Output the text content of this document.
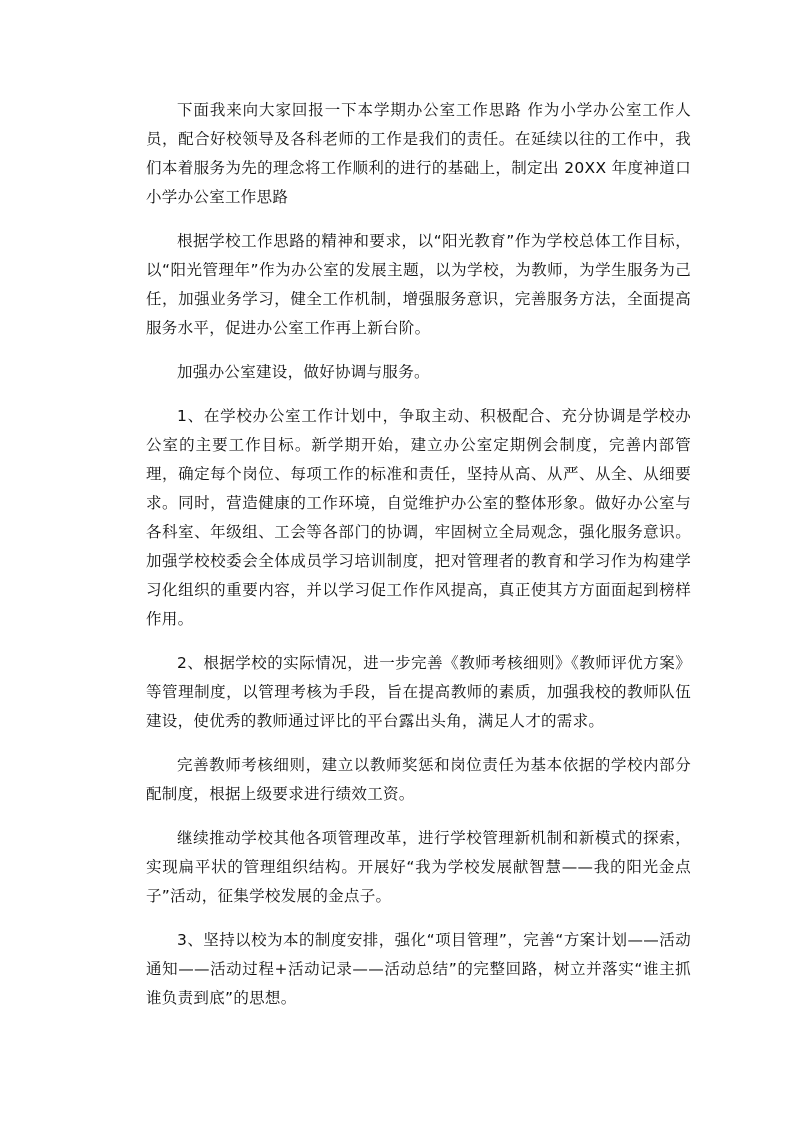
下面我来向大家回报一下本学期办公室工作思路 作为小学办公室工作人员，配合好校领导及各科老师的工作是我们的责任。在延续以往的工作中，我们本着服务为先的理念将工作顺利的进行的基础上，制定出 20XX 年度神道口小学办公室工作思路

根据学校工作思路的精神和要求，以“阳光教育”作为学校总体工作目标，以“阳光管理年”作为办公室的发展主题，以为学校，为教师，为学生服务为己任，加强业务学习，健全工作机制，增强服务意识，完善服务方法，全面提高服务水平，促进办公室工作再上新台阶。

加强办公室建设，做好协调与服务。

1、在学校办公室工作计划中，争取主动、积极配合、充分协调是学校办公室的主要工作目标。新学期开始，建立办公室定期例会制度，完善内部管理，确定每个岗位、每项工作的标准和责任，坚持从高、从严、从全、从细要求。同时，营造健康的工作环境，自觉维护办公室的整体形象。做好办公室与各科室、年级组、工会等各部门的协调，牢固树立全局观念，强化服务意识。加强学校校委会全体成员学习培训制度，把对管理者的教育和学习作为构建学习化组织的重要内容，并以学习促工作作风提高，真正使其方方面面起到榜样作用。

2、根据学校的实际情况，进一步完善《教师考核细则》《教师评优方案》等管理制度，以管理考核为手段，旨在提高教师的素质，加强我校的教师队伍建设，使优秀的教师通过评比的平台露出头角，满足人才的需求。

完善教师考核细则，建立以教师奖惩和岗位责任为基本依据的学校内部分配制度，根据上级要求进行绩效工资。

继续推动学校其他各项管理改革，进行学校管理新机制和新模式的探索，实现扁平状的管理组织结构。开展好“我为学校发展献智慧——我的阳光金点子”活动，征集学校发展的金点子。

3、坚持以校为本的制度安排，强化“项目管理”，完善“方案计划——活动通知——活动过程+活动记录——活动总结”的完整回路，树立并落实“谁主抓谁负责到底”的思想。
